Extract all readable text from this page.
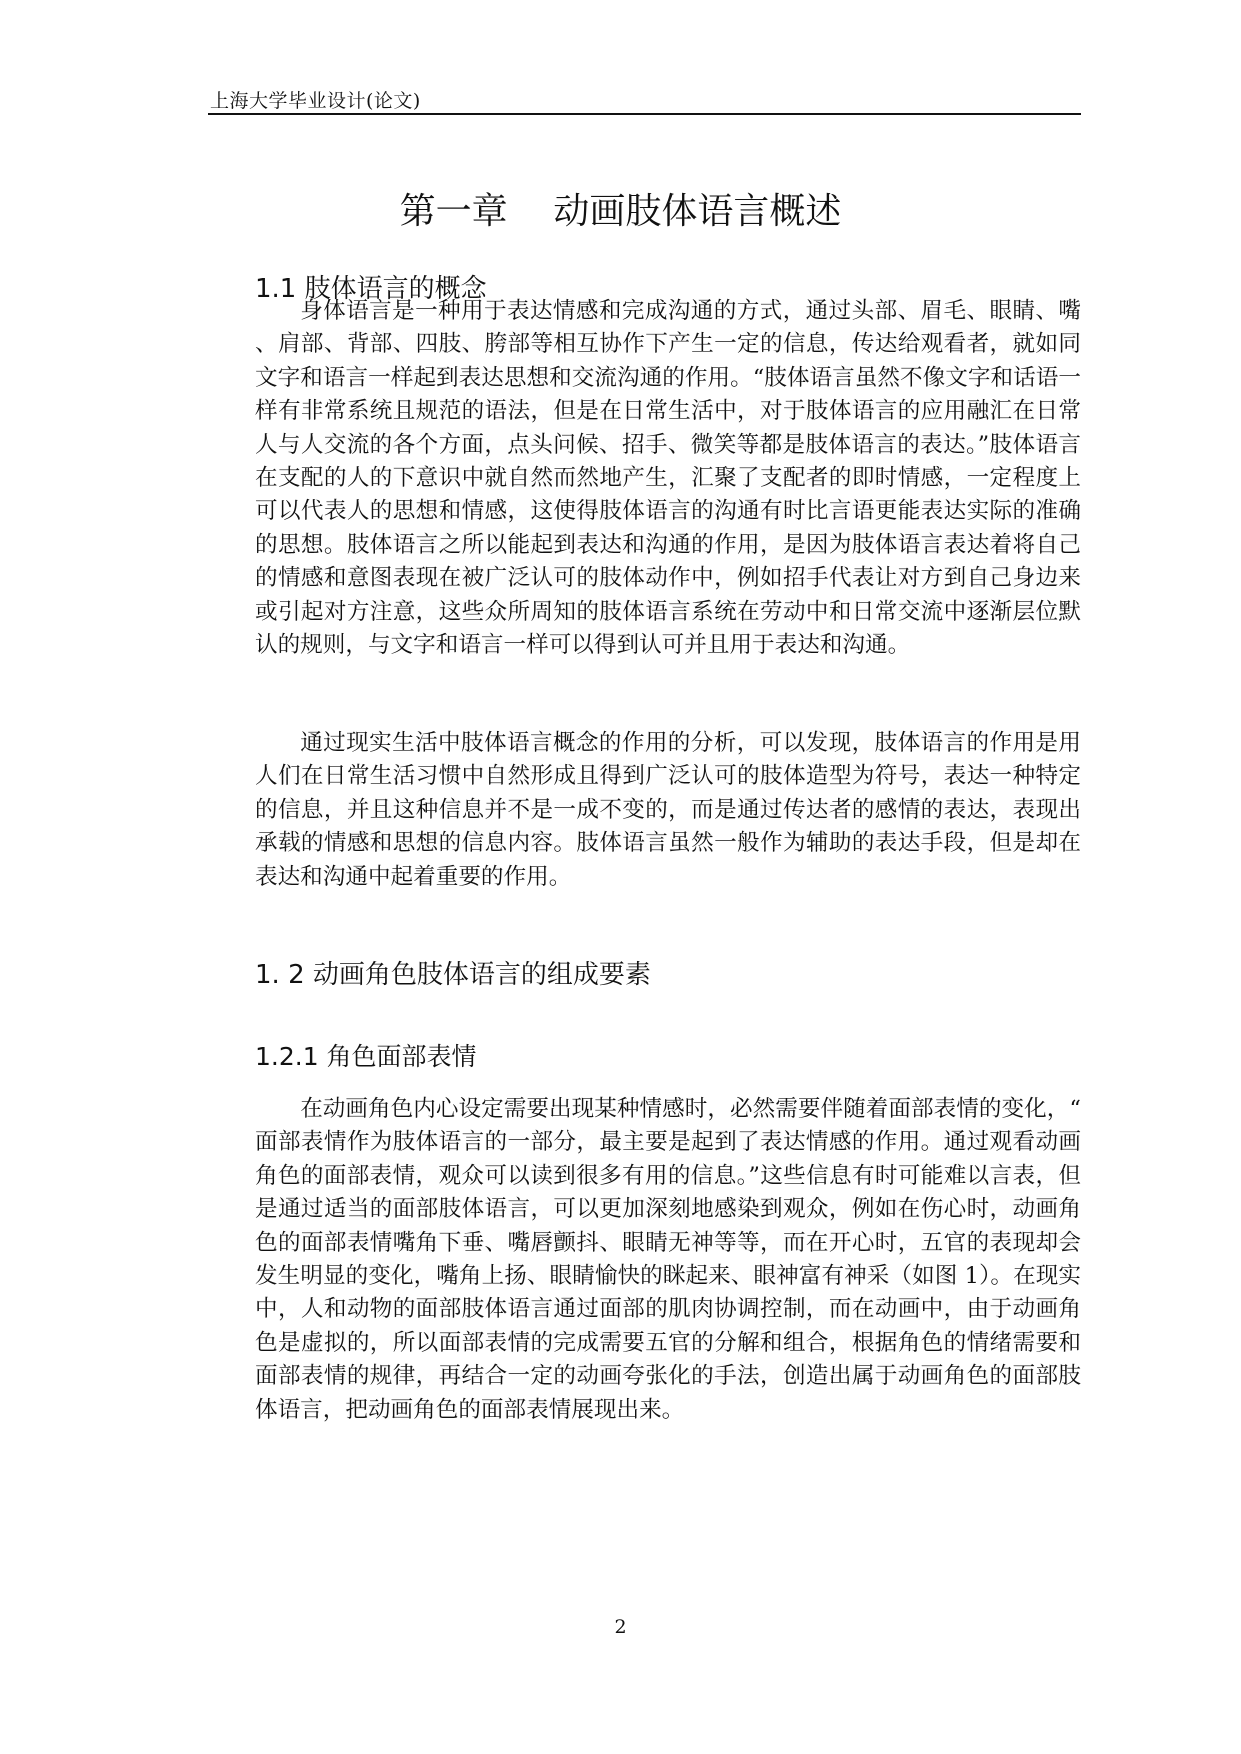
上海大学毕业设计(论文)
第一章    动画肢体语言概述
1.1 肢体语言的概念

身体语言是一种用于表达情感和完成沟通的方式，通过头部、眉毛、眼睛、嘴、肩部、背部、四肢、胯部等相互协作下产生一定的信息，传达给观看者，就如同文字和语言一样起到表达思想和交流沟通的作用。“肢体语言虽然不像文字和话语一样有非常系统且规范的语法，但是在日常生活中，对于肢体语言的应用融汇在日常人与人交流的各个方面，点头问候、招手、微笑等都是肢体语言的表达。”肢体语言在支配的人的下意识中就自然而然地产生，汇聚了支配者的即时情感，一定程度上可以代表人的思想和情感，这使得肢体语言的沟通有时比言语更能表达实际的准确的思想。肢体语言之所以能起到表达和沟通的作用，是因为肢体语言表达着将自己的情感和意图表现在被广泛认可的肢体动作中，例如招手代表让对方到自己身边来或引起对方注意，这些众所周知的肢体语言系统在劳动中和日常交流中逐渐层位默认的规则，与文字和语言一样可以得到认可并且用于表达和沟通。

通过现实生活中肢体语言概念的作用的分析，可以发现，肢体语言的作用是用人们在日常生活习惯中自然形成且得到广泛认可的肢体造型为符号，表达一种特定的信息，并且这种信息并不是一成不变的，而是通过传达者的感情的表达，表现出承载的情感和思想的信息内容。肢体语言虽然一般作为辅助的表达手段，但是却在表达和沟通中起着重要的作用。

1. 2 动画角色肢体语言的组成要素
1.2.1 角色面部表情

在动画角色内心设定需要出现某种情感时，必然需要伴随着面部表情的变化，“面部表情作为肢体语言的一部分，最主要是起到了表达情感的作用。通过观看动画角色的面部表情，观众可以读到很多有用的信息。”这些信息有时可能难以言表，但是通过适当的面部肢体语言，可以更加深刻地感染到观众，例如在伤心时，动画角色的面部表情嘴角下垂、嘴唇颤抖、眼睛无神等等，而在开心时，五官的表现却会发生明显的变化，嘴角上扬、眼睛愉快的眯起来、眼神富有神采（如图 1）。在现实中，人和动物的面部肢体语言通过面部的肌肉协调控制，而在动画中，由于动画角色是虚拟的，所以面部表情的完成需要五官的分解和组合，根据角色的情绪需要和面部表情的规律，再结合一定的动画夸张化的手法，创造出属于动画角色的面部肢体语言，把动画角色的面部表情展现出来。

2
